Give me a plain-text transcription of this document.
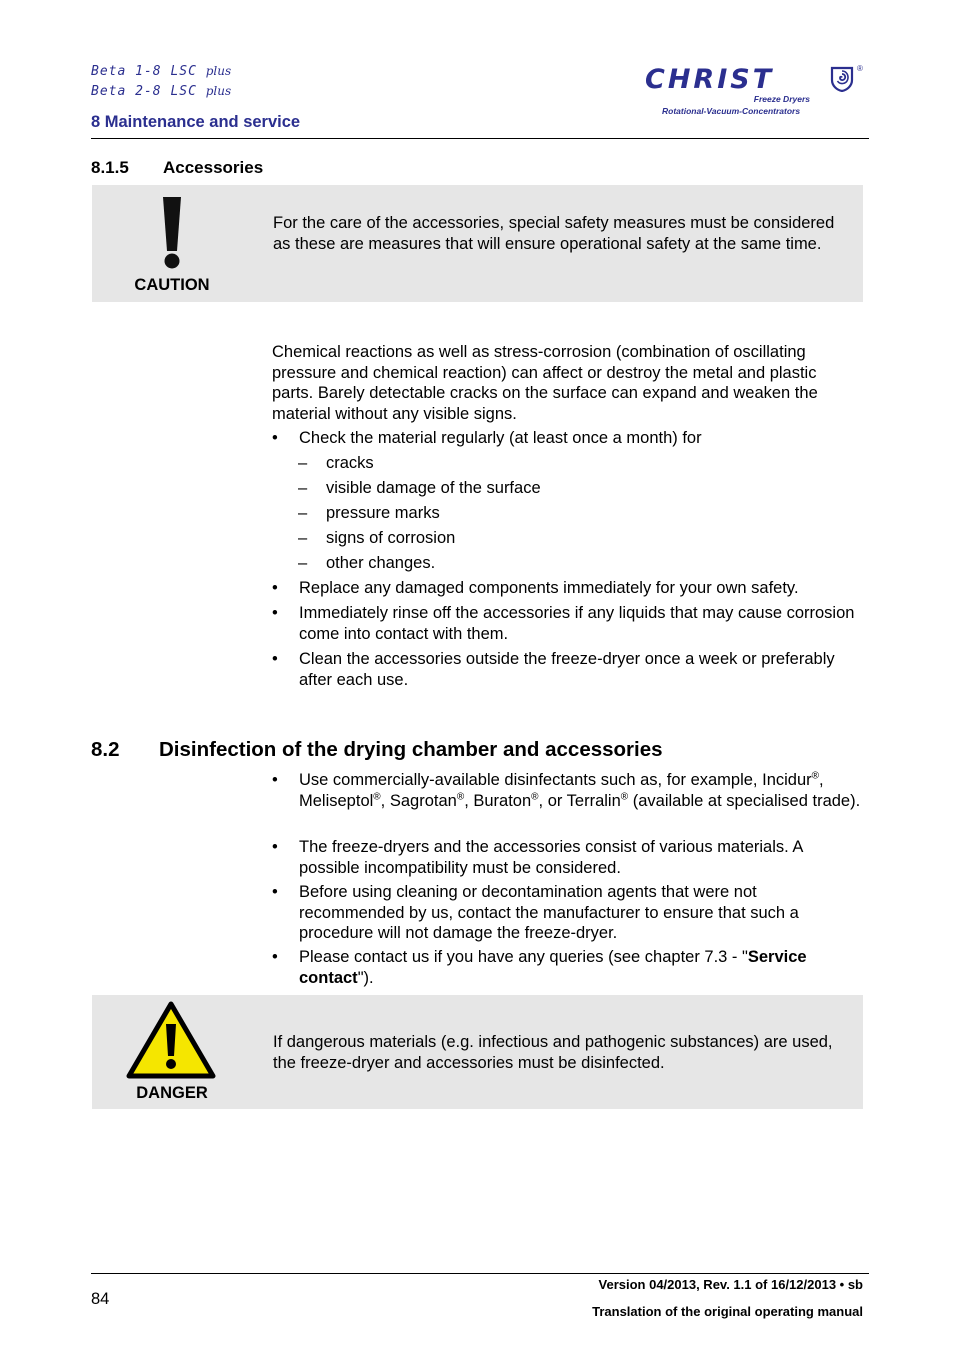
Beta 1-8 LSC plus
Beta 2-8 LSC plus
8 Maintenance and service
CHRIST	®
Freeze Dryers
Rotational-Vacuum-Concentrators
8.1.5 Accessories
CAUTION
For the care of the accessories, special safety measures must be considered as these are measures that will ensure operational safety at the same time.
Chemical reactions as well as stress-corrosion (combination of oscillating pressure and chemical reaction) can affect or destroy the metal and plastic parts. Barely detectable cracks on the surface can expand and weaken the material without any visible signs.
• Check the material regularly (at least once a month) for
– cracks
– visible damage of the surface
– pressure marks
– signs of corrosion
– other changes.
• Replace any damaged components immediately for your own safety.
• Immediately rinse off the accessories if any liquids that may cause corrosion come into contact with them.
• Clean the accessories outside the freeze-dryer once a week or preferably after each use.
8.2 Disinfection of the drying chamber and accessories
• Use commercially-available disinfectants such as, for example, Incidur®, Meliseptol®, Sagrotan®, Buraton®, or Terralin® (available at specialised trade).
• The freeze-dryers and the accessories consist of various materials. A possible incompatibility must be considered.
• Before using cleaning or decontamination agents that were not recommended by us, contact the manufacturer to ensure that such a procedure will not damage the freeze-dryer.
• Please contact us if you have any queries (see chapter 7.3 - "Service contact").
DANGER
If dangerous materials (e.g. infectious and pathogenic substances) are used, the freeze-dryer and accessories must be disinfected.
84
Version 04/2013, Rev. 1.1 of 16/12/2013 • sb
Translation of the original operating manual
